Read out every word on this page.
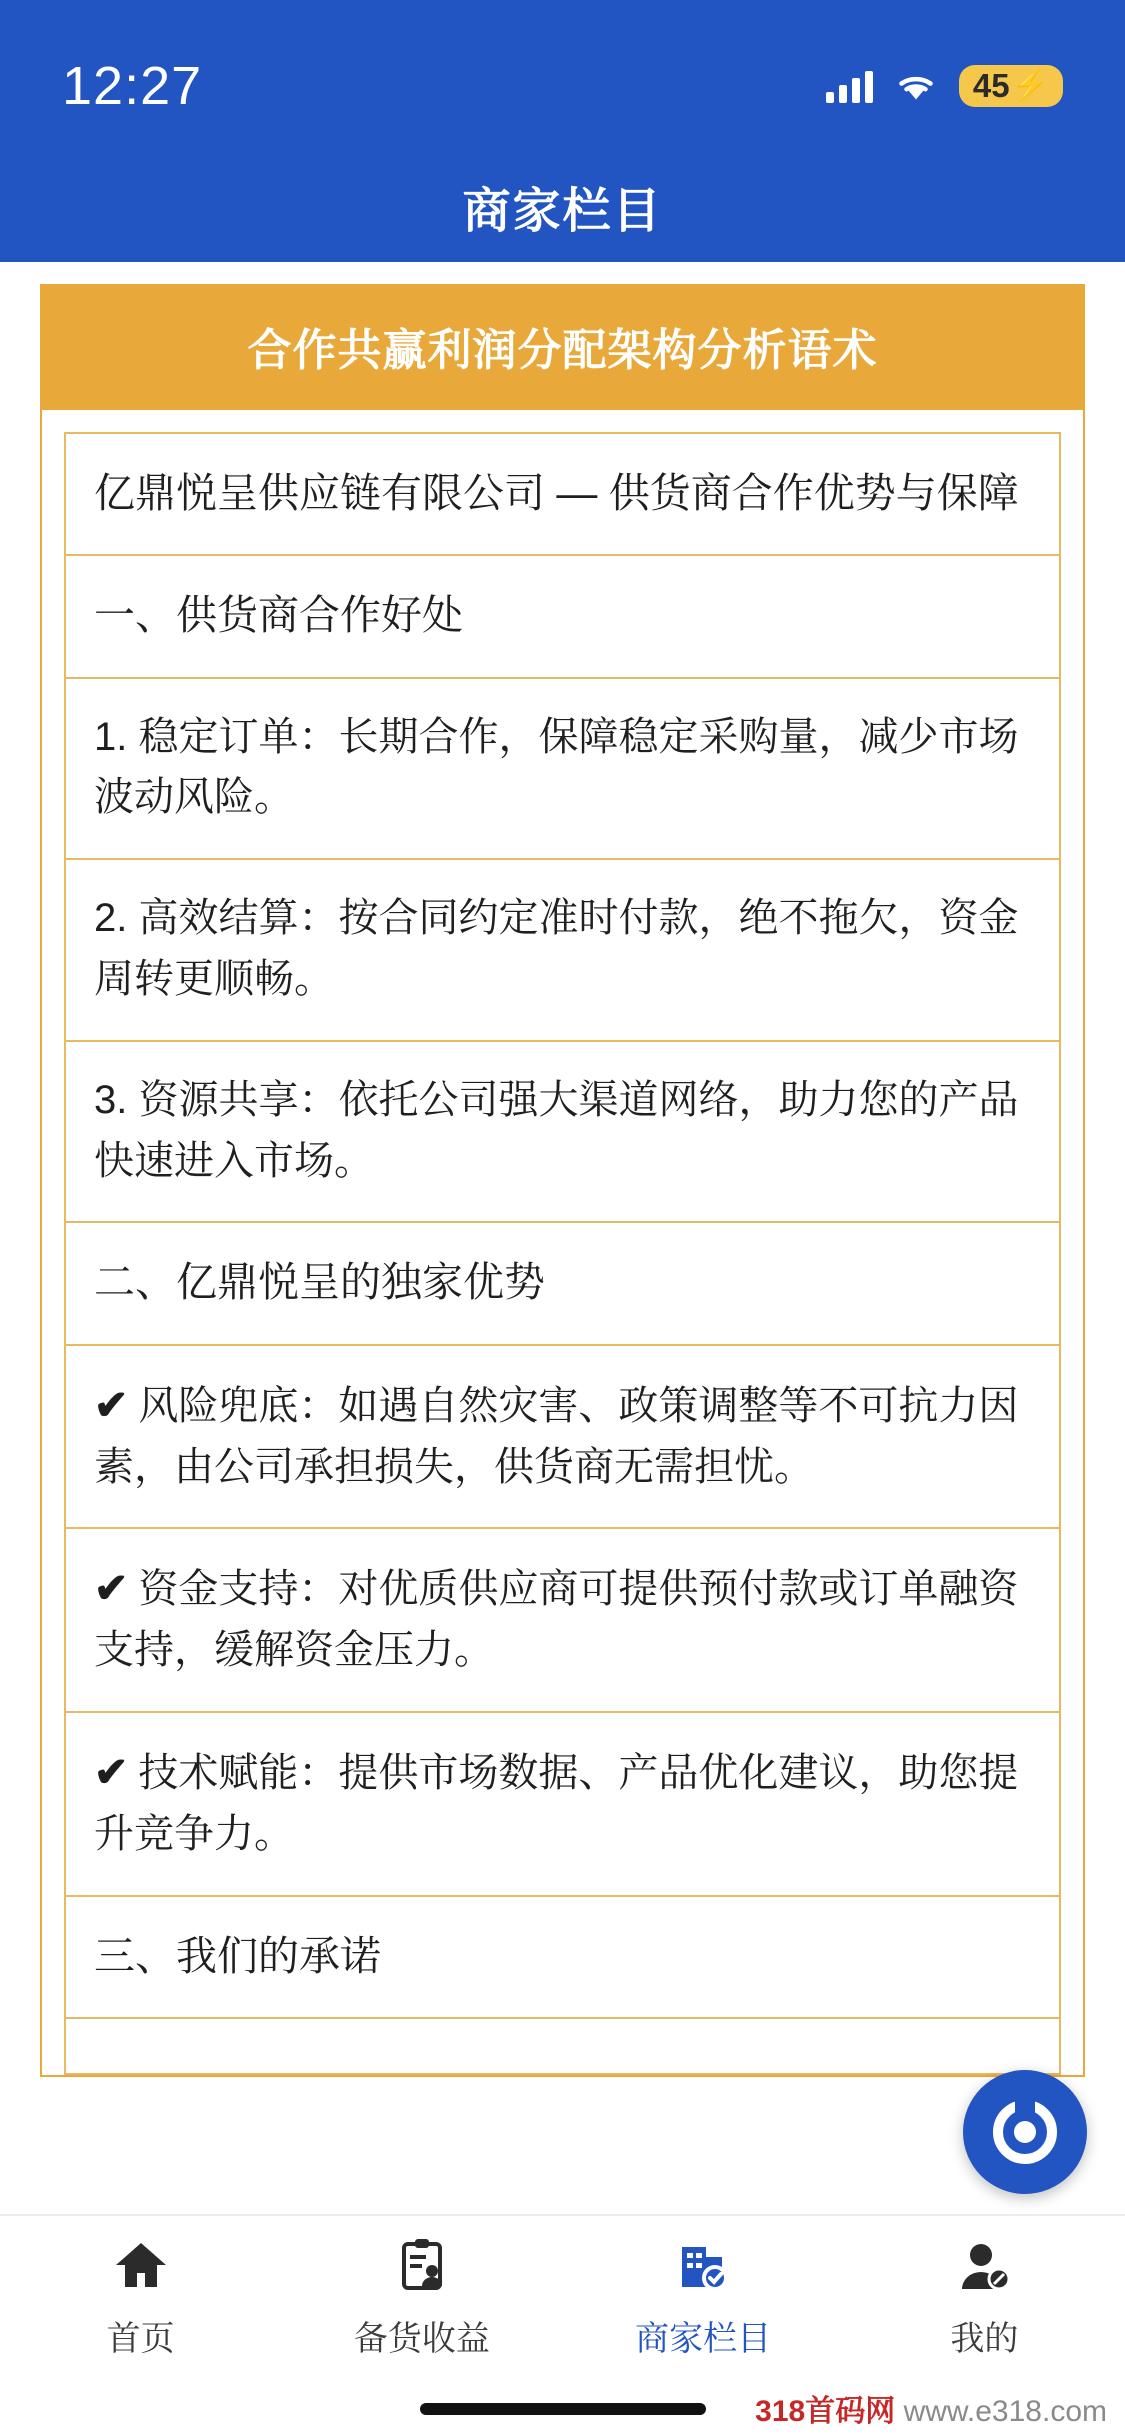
12:27	45 ⚡
商家栏目
合作共赢利润分配架构分析语术
亿鼎悦呈供应链有限公司 — 供货商合作优势与保障
一、供货商合作好处
1. 稳定订单：长期合作，保障稳定采购量，减少市场波动风险。
2. 高效结算：按合同约定准时付款，绝不拖欠，资金周转更顺畅。
3. 资源共享：依托公司强大渠道网络，助力您的产品快速进入市场。
二、亿鼎悦呈的独家优势
✔ 风险兜底：如遇自然灾害、政策调整等不可抗力因素，由公司承担损失，供货商无需担忧。
✔ 资金支持：对优质供应商可提供预付款或订单融资支持，缓解资金压力。
✔ 技术赋能：提供市场数据、产品优化建议，助您提升竞争力。
三、我们的承诺
首页	备货收益	商家栏目	我的
318首码网 www.e318.com
